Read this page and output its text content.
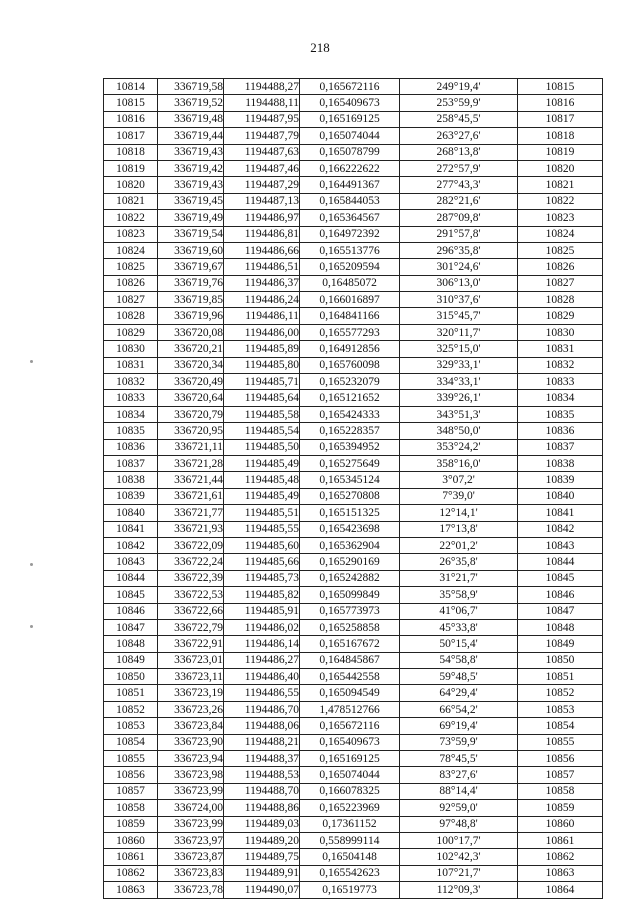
218
10814	336719,58	1194488,27	0,165672116	249°19,4'	10815
10815	336719,52	1194488,11	0,165409673	253°59,9'	10816
10816	336719,48	1194487,95	0,165169125	258°45,5'	10817
10817	336719,44	1194487,79	0,165074044	263°27,6'	10818
10818	336719,43	1194487,63	0,165078799	268°13,8'	10819
10819	336719,42	1194487,46	0,166222622	272°57,9'	10820
10820	336719,43	1194487,29	0,164491367	277°43,3'	10821
10821	336719,45	1194487,13	0,165844053	282°21,6'	10822
10822	336719,49	1194486,97	0,165364567	287°09,8'	10823
10823	336719,54	1194486,81	0,164972392	291°57,8'	10824
10824	336719,60	1194486,66	0,165513776	296°35,8'	10825
10825	336719,67	1194486,51	0,165209594	301°24,6'	10826
10826	336719,76	1194486,37	0,16485072	306°13,0'	10827
10827	336719,85	1194486,24	0,166016897	310°37,6'	10828
10828	336719,96	1194486,11	0,164841166	315°45,7'	10829
10829	336720,08	1194486,00	0,165577293	320°11,7'	10830
10830	336720,21	1194485,89	0,164912856	325°15,0'	10831
10831	336720,34	1194485,80	0,165760098	329°33,1'	10832
10832	336720,49	1194485,71	0,165232079	334°33,1'	10833
10833	336720,64	1194485,64	0,165121652	339°26,1'	10834
10834	336720,79	1194485,58	0,165424333	343°51,3'	10835
10835	336720,95	1194485,54	0,165228357	348°50,0'	10836
10836	336721,11	1194485,50	0,165394952	353°24,2'	10837
10837	336721,28	1194485,49	0,165275649	358°16,0'	10838
10838	336721,44	1194485,48	0,165345124	3°07,2'	10839
10839	336721,61	1194485,49	0,165270808	7°39,0'	10840
10840	336721,77	1194485,51	0,165151325	12°14,1'	10841
10841	336721,93	1194485,55	0,165423698	17°13,8'	10842
10842	336722,09	1194485,60	0,165362904	22°01,2'	10843
10843	336722,24	1194485,66	0,165290169	26°35,8'	10844
10844	336722,39	1194485,73	0,165242882	31°21,7'	10845
10845	336722,53	1194485,82	0,165099849	35°58,9'	10846
10846	336722,66	1194485,91	0,165773973	41°06,7'	10847
10847	336722,79	1194486,02	0,165258858	45°33,8'	10848
10848	336722,91	1194486,14	0,165167672	50°15,4'	10849
10849	336723,01	1194486,27	0,164845867	54°58,8'	10850
10850	336723,11	1194486,40	0,165442558	59°48,5'	10851
10851	336723,19	1194486,55	0,165094549	64°29,4'	10852
10852	336723,26	1194486,70	1,478512766	66°54,2'	10853
10853	336723,84	1194488,06	0,165672116	69°19,4'	10854
10854	336723,90	1194488,21	0,165409673	73°59,9'	10855
10855	336723,94	1194488,37	0,165169125	78°45,5'	10856
10856	336723,98	1194488,53	0,165074044	83°27,6'	10857
10857	336723,99	1194488,70	0,166078325	88°14,4'	10858
10858	336724,00	1194488,86	0,165223969	92°59,0'	10859
10859	336723,99	1194489,03	0,17361152	97°48,8'	10860
10860	336723,97	1194489,20	0,558999114	100°17,7'	10861
10861	336723,87	1194489,75	0,16504148	102°42,3'	10862
10862	336723,83	1194489,91	0,165542623	107°21,7'	10863
10863	336723,78	1194490,07	0,16519773	112°09,3'	10864
